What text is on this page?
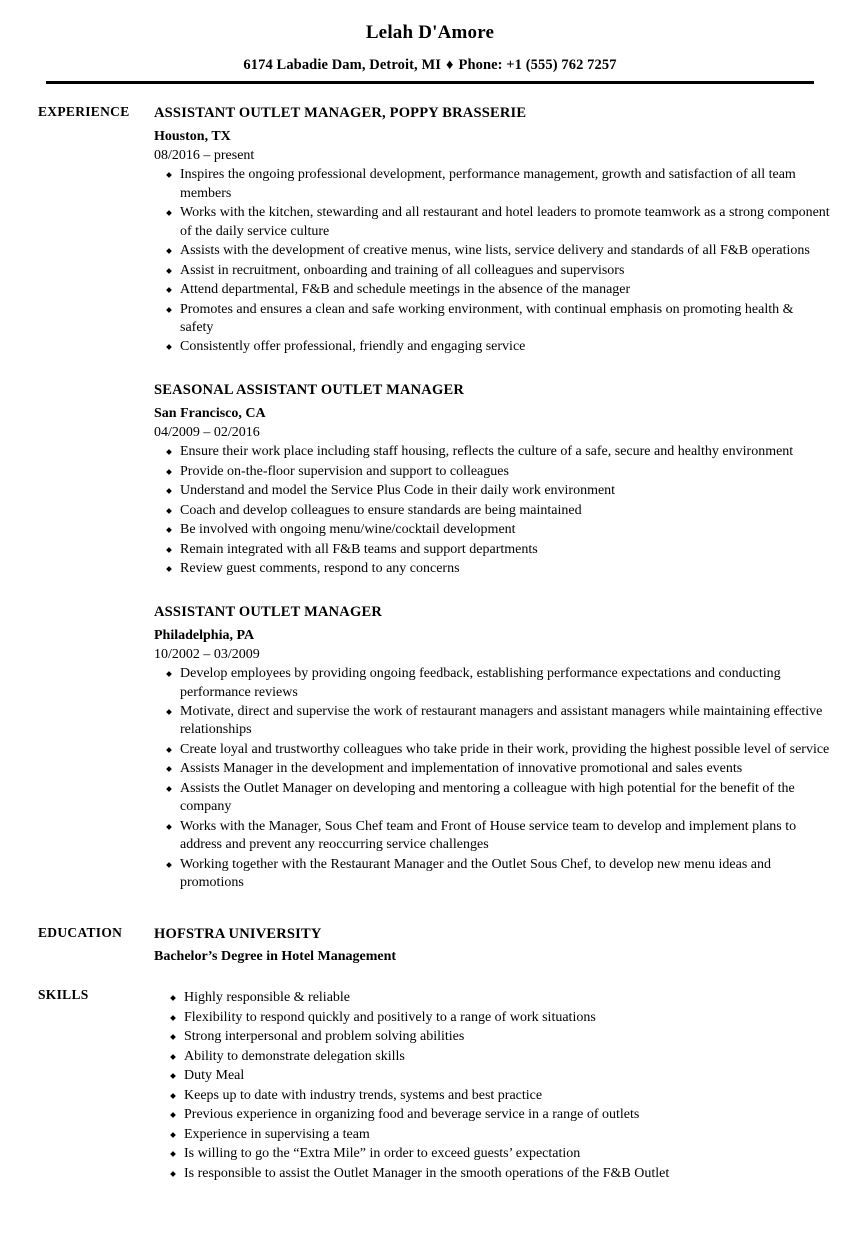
Lelah D'Amore
6174 Labadie Dam, Detroit, MI ♦ Phone: +1 (555) 762 7257
EXPERIENCE	ASSISTANT OUTLET MANAGER, POPPY BRASSERIE
Houston, TX
08/2016 – present
Inspires the ongoing professional development, performance management, growth and satisfaction of all team members
Works with the kitchen, stewarding and all restaurant and hotel leaders to promote teamwork as a strong component of the daily service culture
Assists with the development of creative menus, wine lists, service delivery and standards of all F&B operations
Assist in recruitment, onboarding and training of all colleagues and supervisors
Attend departmental, F&B and schedule meetings in the absence of the manager
Promotes and ensures a clean and safe working environment, with continual emphasis on promoting health & safety
Consistently offer professional, friendly and engaging service
SEASONAL ASSISTANT OUTLET MANAGER
San Francisco, CA
04/2009 – 02/2016
Ensure their work place including staff housing, reflects the culture of a safe, secure and healthy environment
Provide on-the-floor supervision and support to colleagues
Understand and model the Service Plus Code in their daily work environment
Coach and develop colleagues to ensure standards are being maintained
Be involved with ongoing menu/wine/cocktail development
Remain integrated with all F&B teams and support departments
Review guest comments, respond to any concerns
ASSISTANT OUTLET MANAGER
Philadelphia, PA
10/2002 – 03/2009
Develop employees by providing ongoing feedback, establishing performance expectations and conducting performance reviews
Motivate, direct and supervise the work of restaurant managers and assistant managers while maintaining effective relationships
Create loyal and trustworthy colleagues who take pride in their work, providing the highest possible level of service
Assists Manager in the development and implementation of innovative promotional and sales events
Assists the Outlet Manager on developing and mentoring a colleague with high potential for the benefit of the company
Works with the Manager, Sous Chef team and Front of House service team to develop and implement plans to address and prevent any reoccurring service challenges
Working together with the Restaurant Manager and the Outlet Sous Chef, to develop new menu ideas and promotions
EDUCATION	HOFSTRA UNIVERSITY
Bachelor’s Degree in Hotel Management
SKILLS	Highly responsible & reliable
Flexibility to respond quickly and positively to a range of work situations
Strong interpersonal and problem solving abilities
Ability to demonstrate delegation skills
Duty Meal
Keeps up to date with industry trends, systems and best practice
Previous experience in organizing food and beverage service in a range of outlets
Experience in supervising a team
Is willing to go the “Extra Mile” in order to exceed guests’ expectation
Is responsible to assist the Outlet Manager in the smooth operations of the F&B Outlet
